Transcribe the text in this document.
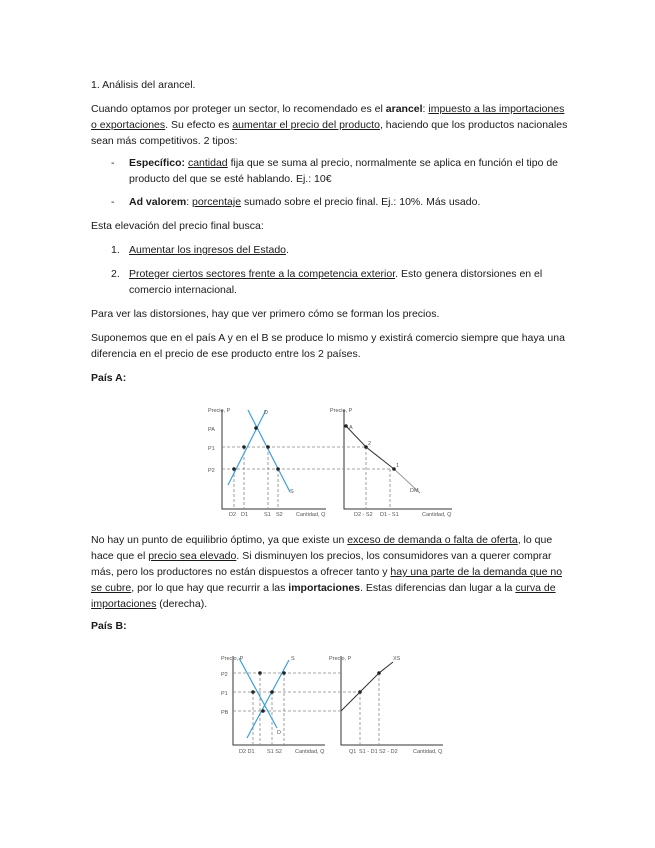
1. Análisis del arancel.

Cuando optamos por proteger un sector, lo recomendado es el arancel: impuesto a las importaciones o exportaciones. Su efecto es aumentar el precio del producto, haciendo que los productos nacionales sean más competitivos. 2 tipos:

- Específico: cantidad fija que se suma al precio, normalmente se aplica en función el tipo de producto del que se esté hablando. Ej.: 10€

- Ad valorem: porcentaje sumado sobre el precio final. Ej.: 10%. Más usado.

Esta elevación del precio final busca:

1. Aumentar los ingresos del Estado.

2. Proteger ciertos sectores frente a la competencia exterior. Esto genera distorsiones en el comercio internacional.

Para ver las distorsiones, hay que ver primero cómo se forman los precios.

Suponemos que en el país A y en el B se produce lo mismo y existirá comercio siempre que haya una diferencia en el precio de ese producto entre los 2 países.

País A:

Precio, P	D
S
PA
P1
P2
D2 D1	S1 S2 Cantidad, Q
Precio, P
A
2
1
DM
D2 - S2 D1 - S1	Cantidad, Q

No hay un punto de equilibrio óptimo, ya que existe un exceso de demanda o falta de oferta, lo que hace que el precio sea elevado. Si disminuyen los precios, los consumidores van a querer comprar más, pero los productores no están dispuestos a ofrecer tanto y hay una parte de la demanda que no se cubre, por lo que hay que recurrir a las importaciones. Estas diferencias dan lugar a la curva de importaciones (derecha).

País B:

Precio, P	S
D
P2
P1
PB
D2 D1 S1 S2 Cantidad, Q
Precio, P	XS
Q1 S1 - D1 S2 - D2	Cantidad, Q
